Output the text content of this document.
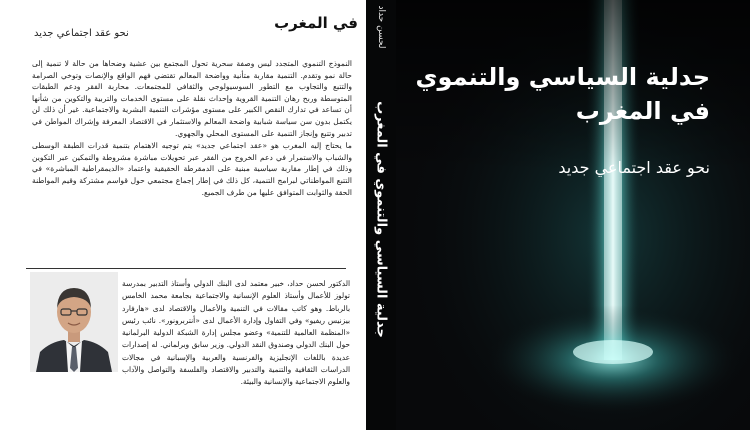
في المغرب
نحو عقد اجتماعي جديد

النموذج التنموي المتجدد ليس وصفة سحرية تحول المجتمع بين عشية وضحاها من حالة لا تنمية إلى حالة نمو وتقدم. التنمية مقاربة متأنية وواضحة المعالم تقتضي فهم الواقع والإنصات وتوخي الصرامة والتتبع والتجاوب مع التطور السوسيولوجي والثقافي للمجتمعات. محاربة الفقر ودعم الطبقات المتوسطة وربح رهان التنمية القروية وإحداث نقلة على مستوى الخدمات والتربية والتكوين من شأنها أن تساعد في تدارك النقص الكبير على مستوى مؤشرات التنمية البشرية والاجتماعية. غير أن ذلك لن يكتمل بدون سن سياسة شبابية واضحة المعالم والاستثمار في الاقتصاد المعرفة وإشراك المواطن في تدبير وتتبع وإنجاز التنمية على المستوى المحلي والجهوي.

ما يحتاج إليه المغرب هو «عقد اجتماعي جديد» يتم توجيه الاهتمام بتنمية قدرات الطبقة الوسطى والشباب والاستمرار في دعم الخروج من الفقر عبر تحويلات مباشرة مشروطة والتمكين عبر التكوين وذلك في إطار مقاربة سياسية مبنية على الدمقرطة الحقيقية واعتماد «الديمقراطية المباشرة» في التتبع المواطناتي لبرامج التنمية، كل ذلك في إطار إجماع مجتمعي حول قواسم مشتركة وقيم المواطنة الحقة والثوابت المتوافق عليها من طرف الجميع.

الدكتور لحسن حداد، خبير معتمد لدى البنك الدولي وأستاذ التدبير بمدرسة تولوز للأعمال وأستاذ العلوم الإنسانية والاجتماعية بجامعة محمد الخامس بالرباط. وهو كاتب مقالات في التنمية والأعمال والاقتصاد لدى «هارفارد بيزنيس ريفيو» وفي التفاول وإدارة الأعمال لدى «أنتربرونور». نائب رئيس «المنظمة العالمية للتنمية» وعضو مجلس إدارة الشبكة الدولية البرلمانية حول البنك الدولي وصندوق النقد الدولي. وزير سابق وبرلماني. له إصدارات عديدة باللغات الإنجليزية والفرنسية والعربية والإسبانية في مجالات الدراسات الثقافية والتنمية والتدبير والاقتصاد والفلسفة والتواصل والآداب والعلوم الاجتماعية والإنسانية والبيئة.

لحسن حداد
جدلية السياسي والتنموي في المغرب
جدلية السياسي والتنموي
في المغرب
نحو عقد اجتماعي جديد
